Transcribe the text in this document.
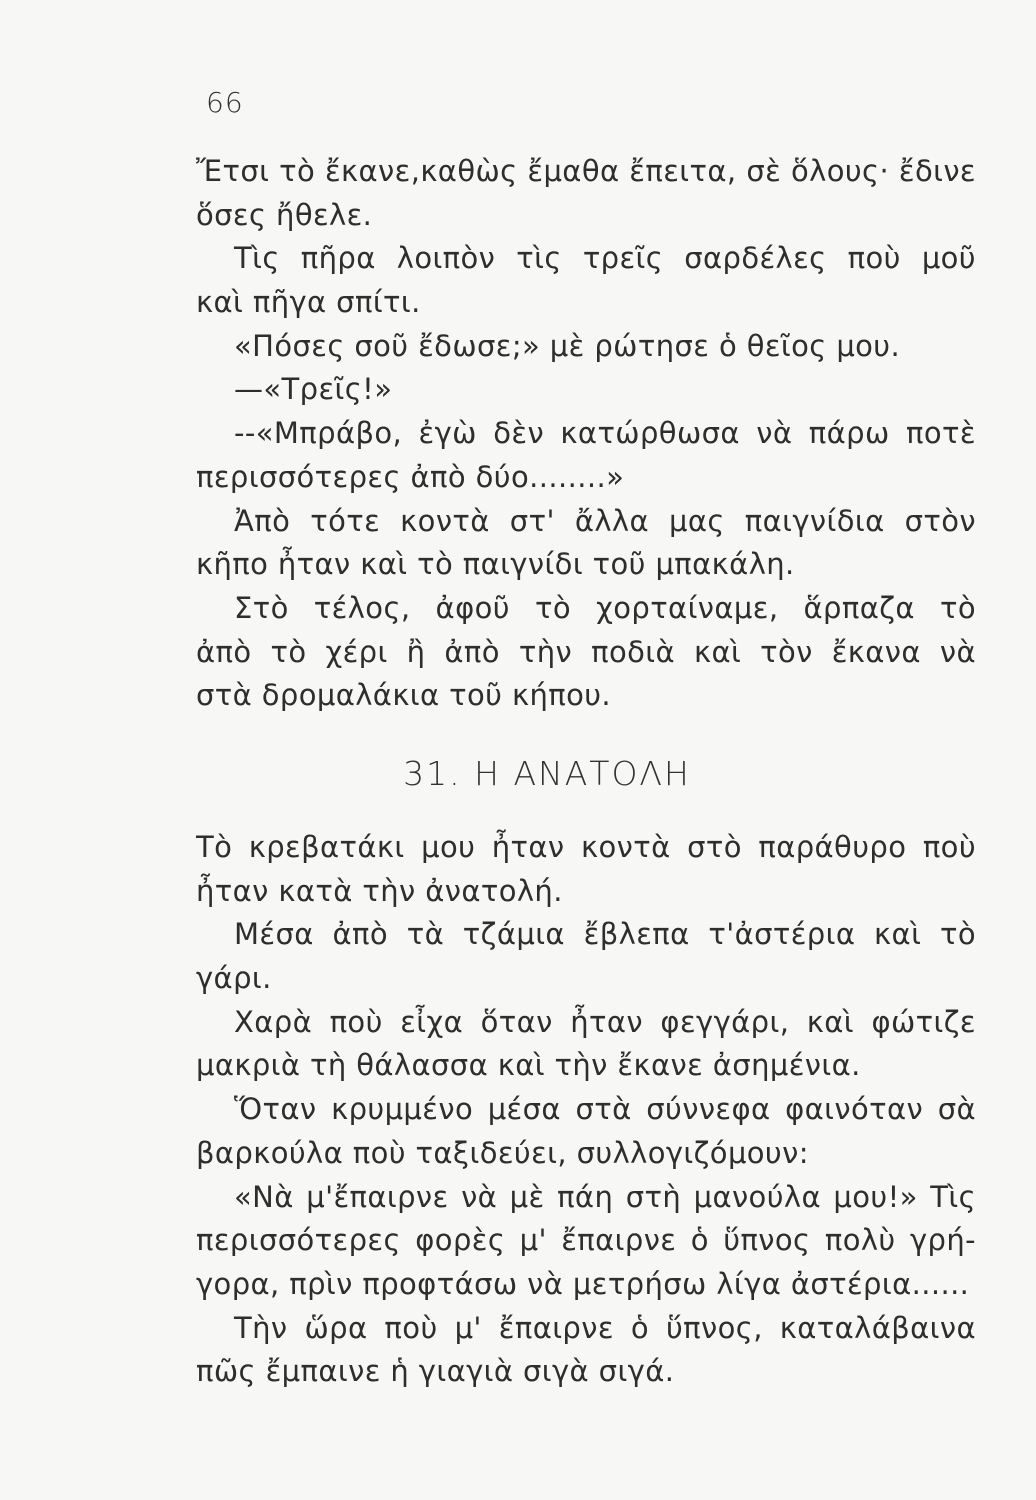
66
Ἔτσι τὸ ἔκανε,καθὼς ἔμαθα ἔπειτα, σὲ ὅλους· ἔδινε
ὅσες ἤθελε.
Τὶς πῆρα λοιπὸν τὶς τρεῖς σαρδέλες ποὺ μοῦ
καὶ πῆγα σπίτι.
«Πόσες σοῦ ἔδωσε;» μὲ ρώτησε ὁ θεῖος μου.
—«Τρεῖς!»
--«Μπράβο, ἐγὼ δὲν κατώρθωσα νὰ πάρω ποτὲ
περισσότερες ἀπὸ δύο........»
Ἀπὸ τότε κοντὰ στ' ἄλλα μας παιγνίδια στὸν
κῆπο ἦταν καὶ τὸ παιγνίδι τοῦ μπακάλη.
Στὸ τέλος, ἀφοῦ τὸ χορταίναμε, ἅρπαζα τὸ
ἀπὸ τὸ χέρι ἢ ἀπὸ τὴν ποδιὰ καὶ τὸν ἔκανα νὰ
στὰ δρομαλάκια τοῦ κήπου.
31. Η ΑΝΑΤΟΛΗ
Τὸ κρεβατάκι μου ἦταν κοντὰ στὸ παράθυρο ποὺ
ἦταν κατὰ τὴν ἀνατολή.
Μέσα ἀπὸ τὰ τζάμια ἔβλεπα τ'ἀστέρια καὶ τὸ
γάρι.
Χαρὰ ποὺ εἶχα ὅταν ἦταν φεγγάρι, καὶ φώτιζε
μακριὰ τὴ θάλασσα καὶ τὴν ἔκανε ἀσημένια.
Ὅταν κρυμμένο μέσα στὰ σύννεφα φαινόταν σὰ
βαρκούλα ποὺ ταξιδεύει, συλλογιζόμουν:
«Νὰ μ'ἔπαιρνε νὰ μὲ πάη στὴ μανούλα μου!» Τὶς
περισσότερες φορὲς μ' ἔπαιρνε ὁ ὕπνος πολὺ γρή-
γορα, πρὶν προφτάσω νὰ μετρήσω λίγα ἀστέρια......
Τὴν ὥρα ποὺ μ' ἔπαιρνε ὁ ὕπνος, καταλάβαινα
πῶς ἔμπαινε ἡ γιαγιὰ σιγὰ σιγά.
